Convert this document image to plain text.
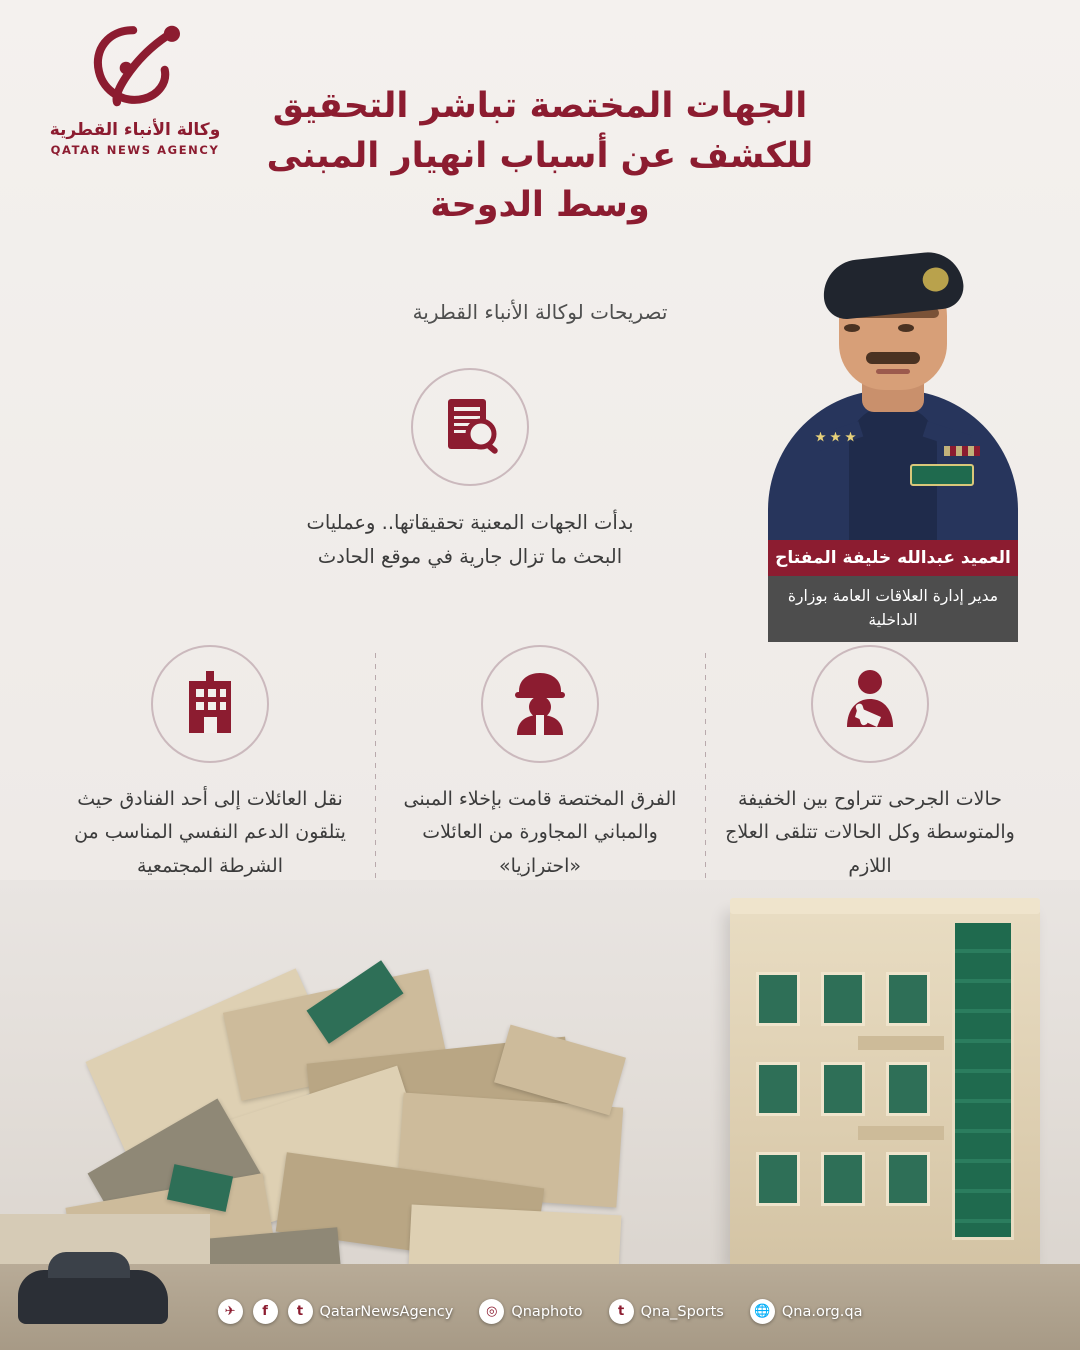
وكالة الأنباء القطرية
QATAR NEWS AGENCY
الجهات المختصة تباشر التحقيق للكشف عن أسباب انهيار المبنى وسط الدوحة
تصريحات لوكالة الأنباء القطرية
العميد عبدالله خليفة المفتاح
مدير إدارة العلاقات العامة بوزارة الداخلية
بدأت الجهات المعنية تحقيقاتها.. وعمليات البحث ما تزال جارية في موقع الحادث
حالات الجرحى تتراوح بين الخفيفة والمتوسطة وكل الحالات تتلقى العلاج اللازم
الفرق المختصة قامت بإخلاء المبنى والمباني المجاورة من العائلات «احترازيا»
نقل العائلات إلى أحد الفنادق حيث يتلقون الدعم النفسي المناسب من الشرطة المجتمعية
✈	f	t	QatarNewsAgency	◎ Qnaphoto	t	Qna_Sports	🌐 Qna.org.qa
